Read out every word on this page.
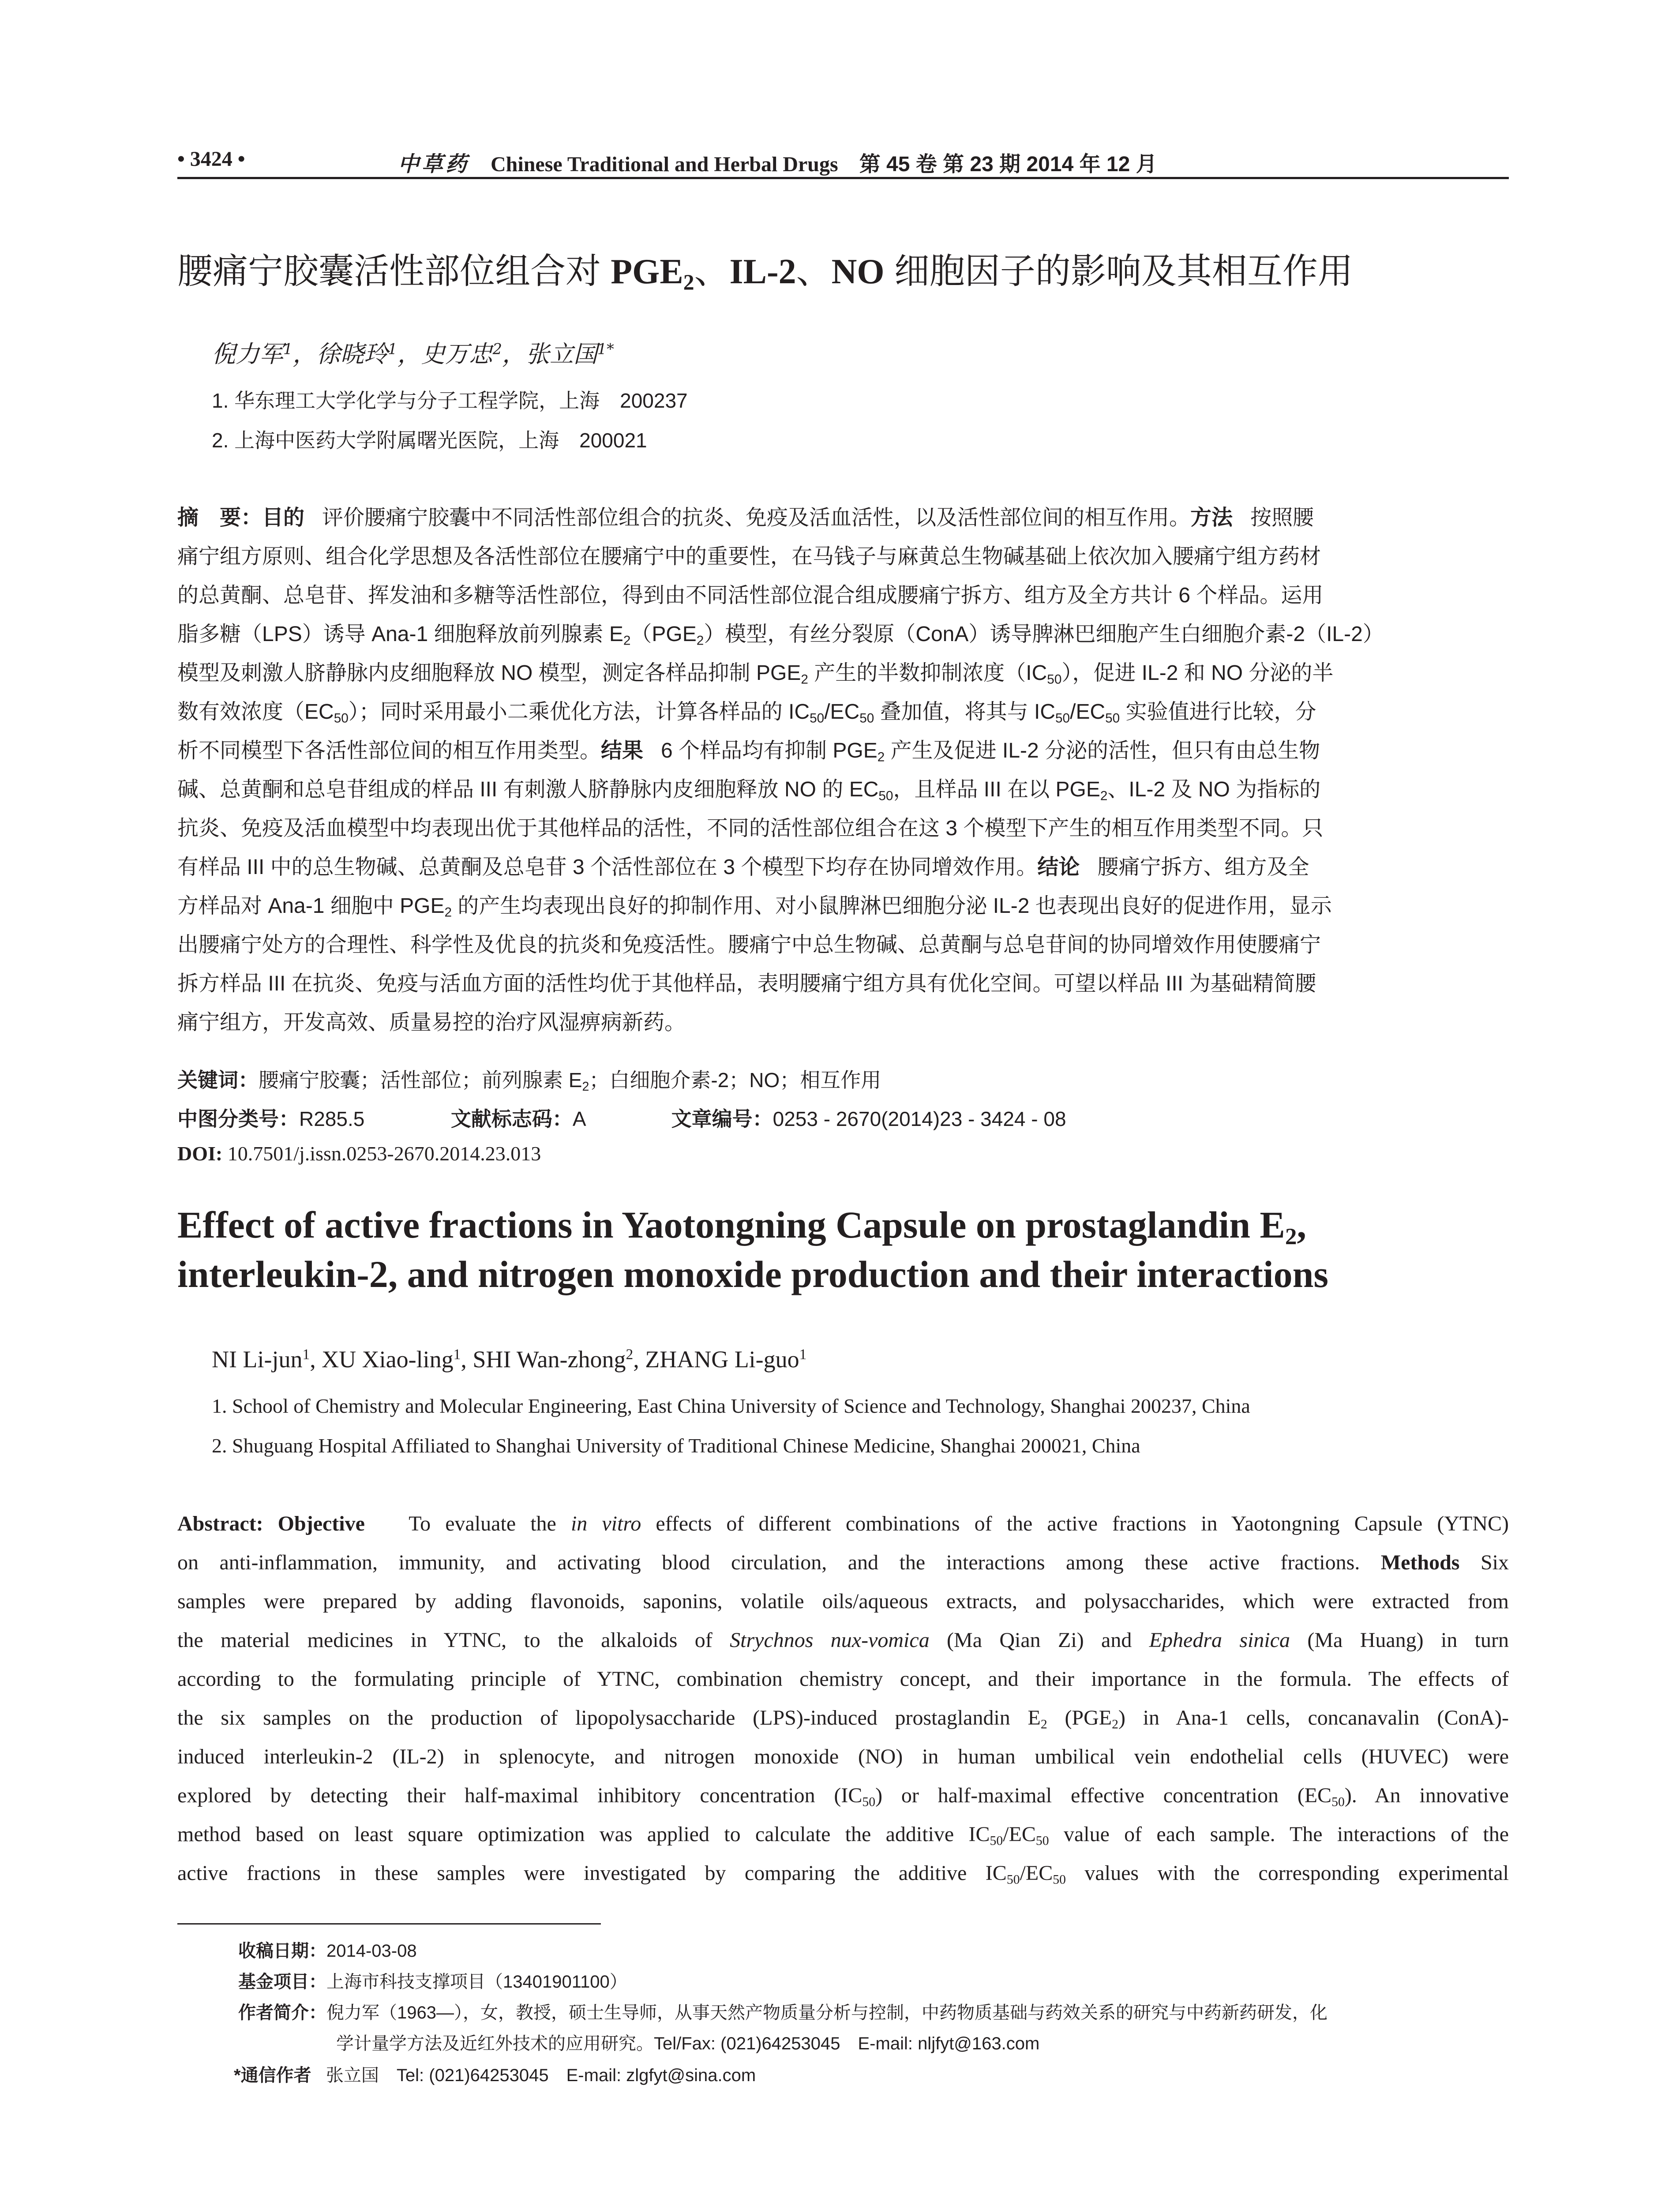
• 3424 •	中草药 Chinese Traditional and Herbal Drugs 第 45 卷 第 23 期 2014 年 12 月
腰痛宁胶囊活性部位组合对 $PGE_2$、IL-2、NO 细胞因子的影响及其相互作用
倪力军$^1$，徐晓玲$^1$，史万忠$^2$，张立国$^{1*}$
1. 华东理工大学化学与分子工程学院，上海　200237
2. 上海中医药大学附属曙光医院，上海　200021
摘　要：目的 评价腰痛宁胶囊中不同活性部位组合的抗炎、免疫及活血活性，以及活性部位间的相互作用。方法 按照腰
痛宁组方原则、组合化学思想及各活性部位在腰痛宁中的重要性，在马钱子与麻黄总生物碱基础上依次加入腰痛宁组方药材
的总黄酮、总皂苷、挥发油和多糖等活性部位，得到由不同活性部位混合组成腰痛宁拆方、组方及全方共计 6 个样品。运用
脂多糖（LPS）诱导 Ana-1 细胞释放前列腺素 $E_2(PGE_2)$模型，有丝分裂原（ConA）诱导脾淋巴细胞产生白细胞介素-2（IL-2）
模型及刺激人脐静脉内皮细胞释放 NO 模型，测定各样品抑制 $PGE_2$ 产生的半数抑制浓度$(IC_{50})$，促进 IL-2 和 NO 分泌的半
数有效浓度$(EC_{50})$；同时采用最小二乘优化方法，计算各样品的 $IC_{50}/EC_{50}$ 叠加值，将其与 $IC_{50}/EC_{50}$ 实验值进行比较，分
析不同模型下各活性部位间的相互作用类型。结果 6 个样品均有抑制 $PGE_2$ 产生及促进 IL-2 分泌的活性，但只有由总生物
碱、总黄酮和总皂苷组成的样品 III 有刺激人脐静脉内皮细胞释放 NO 的 $EC_{50}$，且样品 III 在以 $PGE_2$、IL-2 及 NO 为指标的
抗炎、免疫及活血模型中均表现出优于其他样品的活性，不同的活性部位组合在这 3 个模型下产生的相互作用类型不同。只
有样品 III 中的总生物碱、总黄酮及总皂苷 3 个活性部位在 3 个模型下均存在协同增效作用。结论 腰痛宁拆方、组方及全
方样品对 Ana-1 细胞中 $PGE_2$ 的产生均表现出良好的抑制作用、对小鼠脾淋巴细胞分泌 IL-2 也表现出良好的促进作用，显示
出腰痛宁处方的合理性、科学性及优良的抗炎和免疫活性。腰痛宁中总生物碱、总黄酮与总皂苷间的协同增效作用使腰痛宁
拆方样品 III 在抗炎、免疫与活血方面的活性均优于其他样品，表明腰痛宁组方具有优化空间。可望以样品 III 为基础精简腰
痛宁组方，开发高效、质量易控的治疗风湿痹病新药。
关键词：腰痛宁胶囊；活性部位；前列腺素 $E_2$；白细胞介素-2；NO；相互作用
中图分类号：R285.5	文献标志码：A	文章编号：0253 - 2670(2014)23 - 3424 - 08
DOI: 10.7501/j.issn.0253-2670.2014.23.013
Effect of active fractions in Yaotongning Capsule on prostaglandin $E_2$,
interleukin-2, and nitrogen monoxide production and their interactions
NI Li-jun$^1$, XU Xiao-ling$^1$, SHI Wan-zhong$^2$, ZHANG Li-guo$^1$
1. School of Chemistry and Molecular Engineering, East China University of Science and Technology, Shanghai 200237, China
2. Shuguang Hospital Affiliated to Shanghai University of Traditional Chinese Medicine, Shanghai 200021, China
Abstract: Objective To evaluate the in vitro effects of different combinations of the active fractions in Yaotongning Capsule (YTNC)
on anti-inflammation, immunity, and activating blood circulation, and the interactions among these active fractions. Methods Six
samples were prepared by adding flavonoids, saponins, volatile oils/aqueous extracts, and polysaccharides, which were extracted from
the material medicines in YTNC, to the alkaloids of Strychnos nux-vomica (Ma Qian Zi) and Ephedra sinica (Ma Huang) in turn
according to the formulating principle of YTNC, combination chemistry concept, and their importance in the formula. The effects of
the six samples on the production of lipopolysaccharide (LPS)-induced prostaglandin $E_2$ $(PGE_2)$ in Ana-1 cells, concanavalin (ConA)-
induced interleukin-2 (IL-2) in splenocyte, and nitrogen monoxide (NO) in human umbilical vein endothelial cells (HUVEC) were
explored by detecting their half-maximal inhibitory concentration $(IC_{50})$ or half-maximal effective concentration $(EC_{50})$. An innovative
method based on least square optimization was applied to calculate the additive $IC_{50}/EC_{50}$ value of each sample. The interactions of the
active fractions in these samples were investigated by comparing the additive $IC_{50}/EC_{50}$ values with the corresponding experimental
收稿日期：2014-03-08
基金项目：上海市科技支撑项目（13401901100）
作者简介：倪力军（1963—），女，教授，硕士生导师，从事天然产物质量分析与控制，中药物质基础与药效关系的研究与中药新药研发，化
学计量学方法及近红外技术的应用研究。Tel/Fax: (021)64253045　E-mail: nljfyt@163.com
*通信作者 张立国　Tel: (021)64253045　E-mail: zlgfyt@sina.com
